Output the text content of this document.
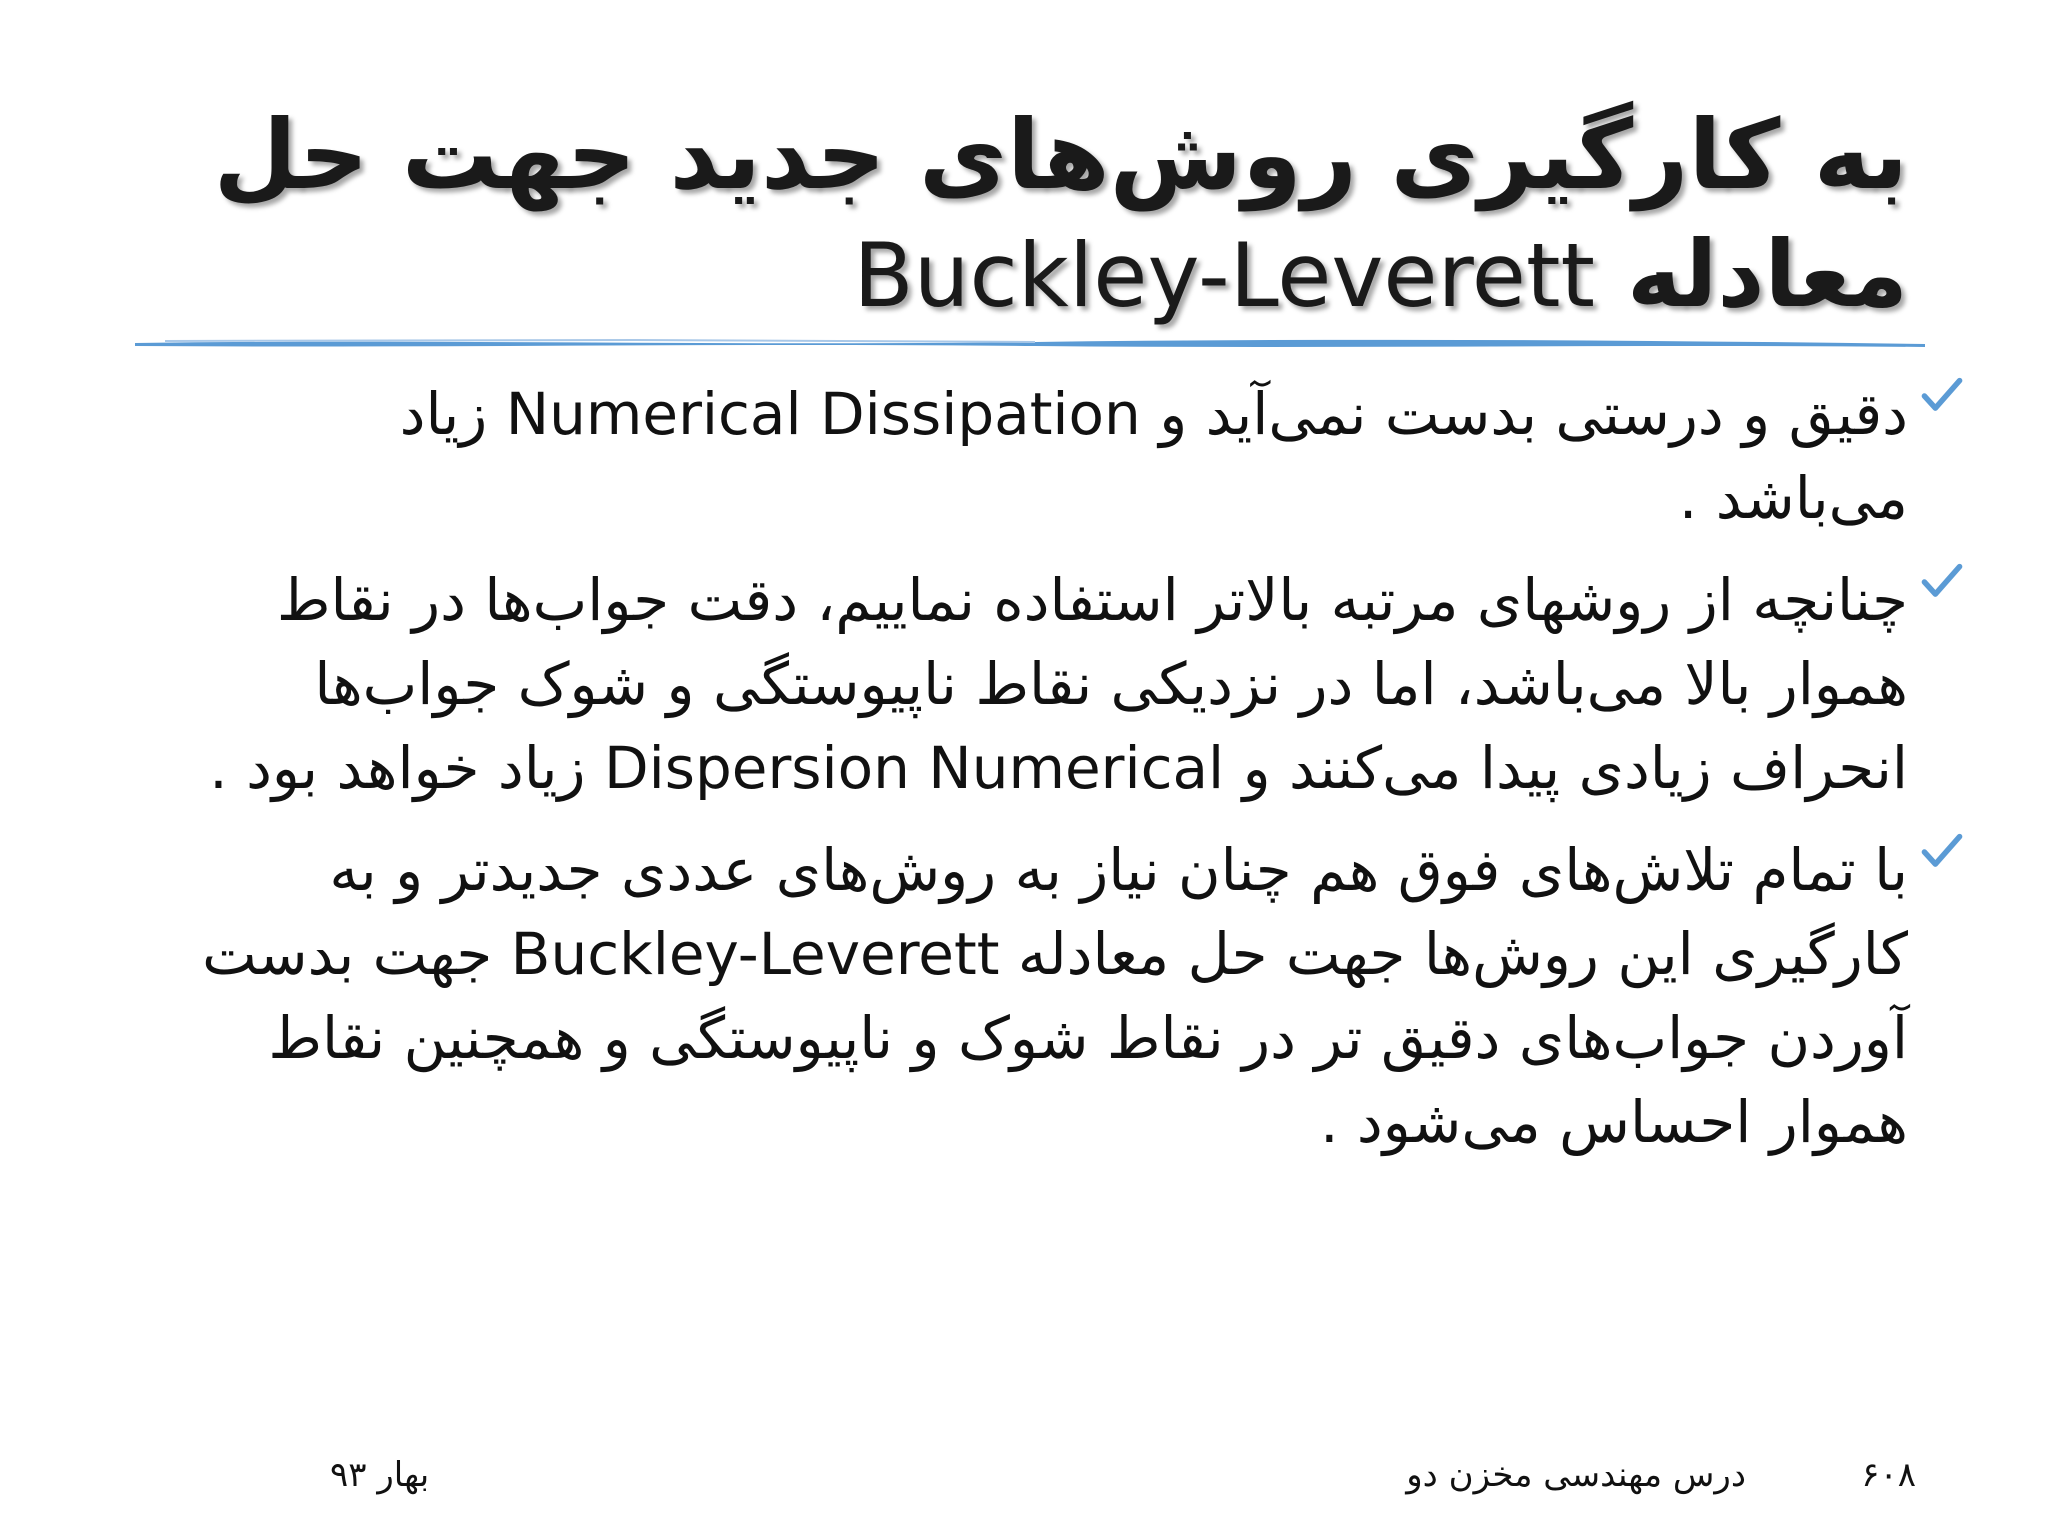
به کارگیری روش‌های جدید جهت حل
معادله Buckley-Leverett
دقیق و درستی بدست نمی‌آید و Numerical Dissipation زیاد می‌باشد .
چنانچه از روشهای مرتبه بالاتر استفاده نماییم، دقت جواب‌ها در نقاط هموار بالا می‌باشد، اما در نزدیکی نقاط ناپیوستگی و شوک جواب‌ها انحراف زیادی پیدا می‌کنند و Dispersion Numerical زیاد خواهد بود .
با تمام تلاش‌های فوق هم چنان نیاز به روش‌های عددی جدیدتر و به کارگیری این روش‌ها جهت حل معادله Buckley-Leverett جهت بدست آوردن جواب‌های دقیق تر در نقاط شوک و ناپیوستگی و همچنین نقاط هموار احساس می‌شود .
۶۰۸
درس مهندسی مخزن دو
بهار ۹۳
